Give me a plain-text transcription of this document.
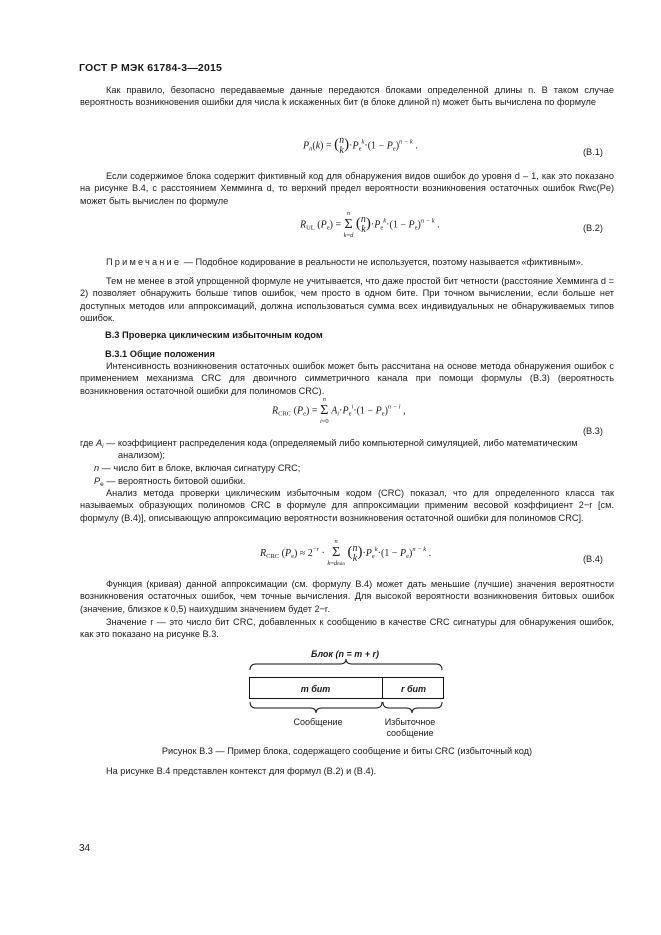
ГОСТ Р МЭК 61784-3—2015
Как правило, безопасно передаваемые данные передаются блоками определенной длины n. В таком случае вероятность возникновения ошибки для числа k искаженных бит (в блоке длиной n) может быть вычислена по формуле
$P_n(k) = (n$
$k)\cdot P_e^k\cdot(1 - P_e)^{n - k}$ .
(B.1)
Если содержимое блока содержит фиктивный код для обнаружения видов ошибок до уровня d – 1, как это показано на рисунке B.4, с расстоянием Хемминга d, то верхний предел вероятности возникновения остаточных ошибок Rwc(Pe) может быть вычислен по формуле
$R_{UL}$ $(P_e) = n$
Σ
k=d (n
$k)\cdot P_e^k\cdot(1 - P_e)^{n - k}$ .	(B.2)
Примечание — Подобное кодирование в реальности не используется, поэтому называется «фиктивным».
Тем не менее в этой упрощенной формуле не учитывается, что даже простой бит четности (расстояние Хемминга d = 2) позволяет обнаружить больше типов ошибок, чем просто в одном бите. При точном вычислении, если больше нет доступных методов или аппроксимаций, должна использоваться сумма всех индивидуальных не обнаруживаемых типов ошибок.
B.3 Проверка циклическим избыточным кодом
B.3.1 Общие положения
Интенсивность возникновения остаточных ошибок может быть рассчитана на основе метода обнаружения ошибок с применением механизма CRC для двоичного симметричного канала при помощи формулы (B.3) (вероятность возникновения остаточной ошибки для полиномов CRC).
$R_{CRC}$ $(P_e) = n$
Σ
i=0 $A_i\cdot P_e^i\cdot(1 - P_e)^{n - i}$ ,
(B.3)
где $A_i$ — коэффициент распределения кода (определяемый либо компьютерной симуляцией, либо математическим
анализом);
n — число бит в блоке, включая сигнатуру CRC;
$P_e$ — вероятность битовой ошибки.
Анализ метода проверки циклическим избыточным кодом (CRC) показал, что для определенного класса так называемых образующих полиномов CRC в формуле для аппроксимации применим весовой коэффициент 2−r [см. формулу (B.4)], описывающую аппроксимацию вероятности возникновения остаточной ошибки для полиномов CRC].
$R_{CRC}$ $(P_e) \approx 2^{-r} \cdot n$
Σ
k=dmin (n
$k)\cdot P_e^k\cdot(1 - P_e)^{n - k}$ .
(B.4)
Функция (кривая) данной аппроксимации (см. формулу B.4) может дать меньшие (лучшие) значения вероятности возникновения остаточных ошибок, чем точные вычисления. Для высокой вероятности возникновения битовых ошибок (значение, близкое к 0,5) наихудшим значением будет 2−r.
Значение r — это число бит CRC, добавленных к сообщению в качестве CRC сигнатуры для обнаружения ошибок, как это показано на рисунке B.3.
Блок (n = m + r)
m бит	r бит
Сообщение	Избыточное
сообщение
Рисунок B.3 — Пример блока, содержащего сообщение и биты CRC (избыточный код)
На рисунке B.4 представлен контекст для формул (B.2) и (B.4).
34
